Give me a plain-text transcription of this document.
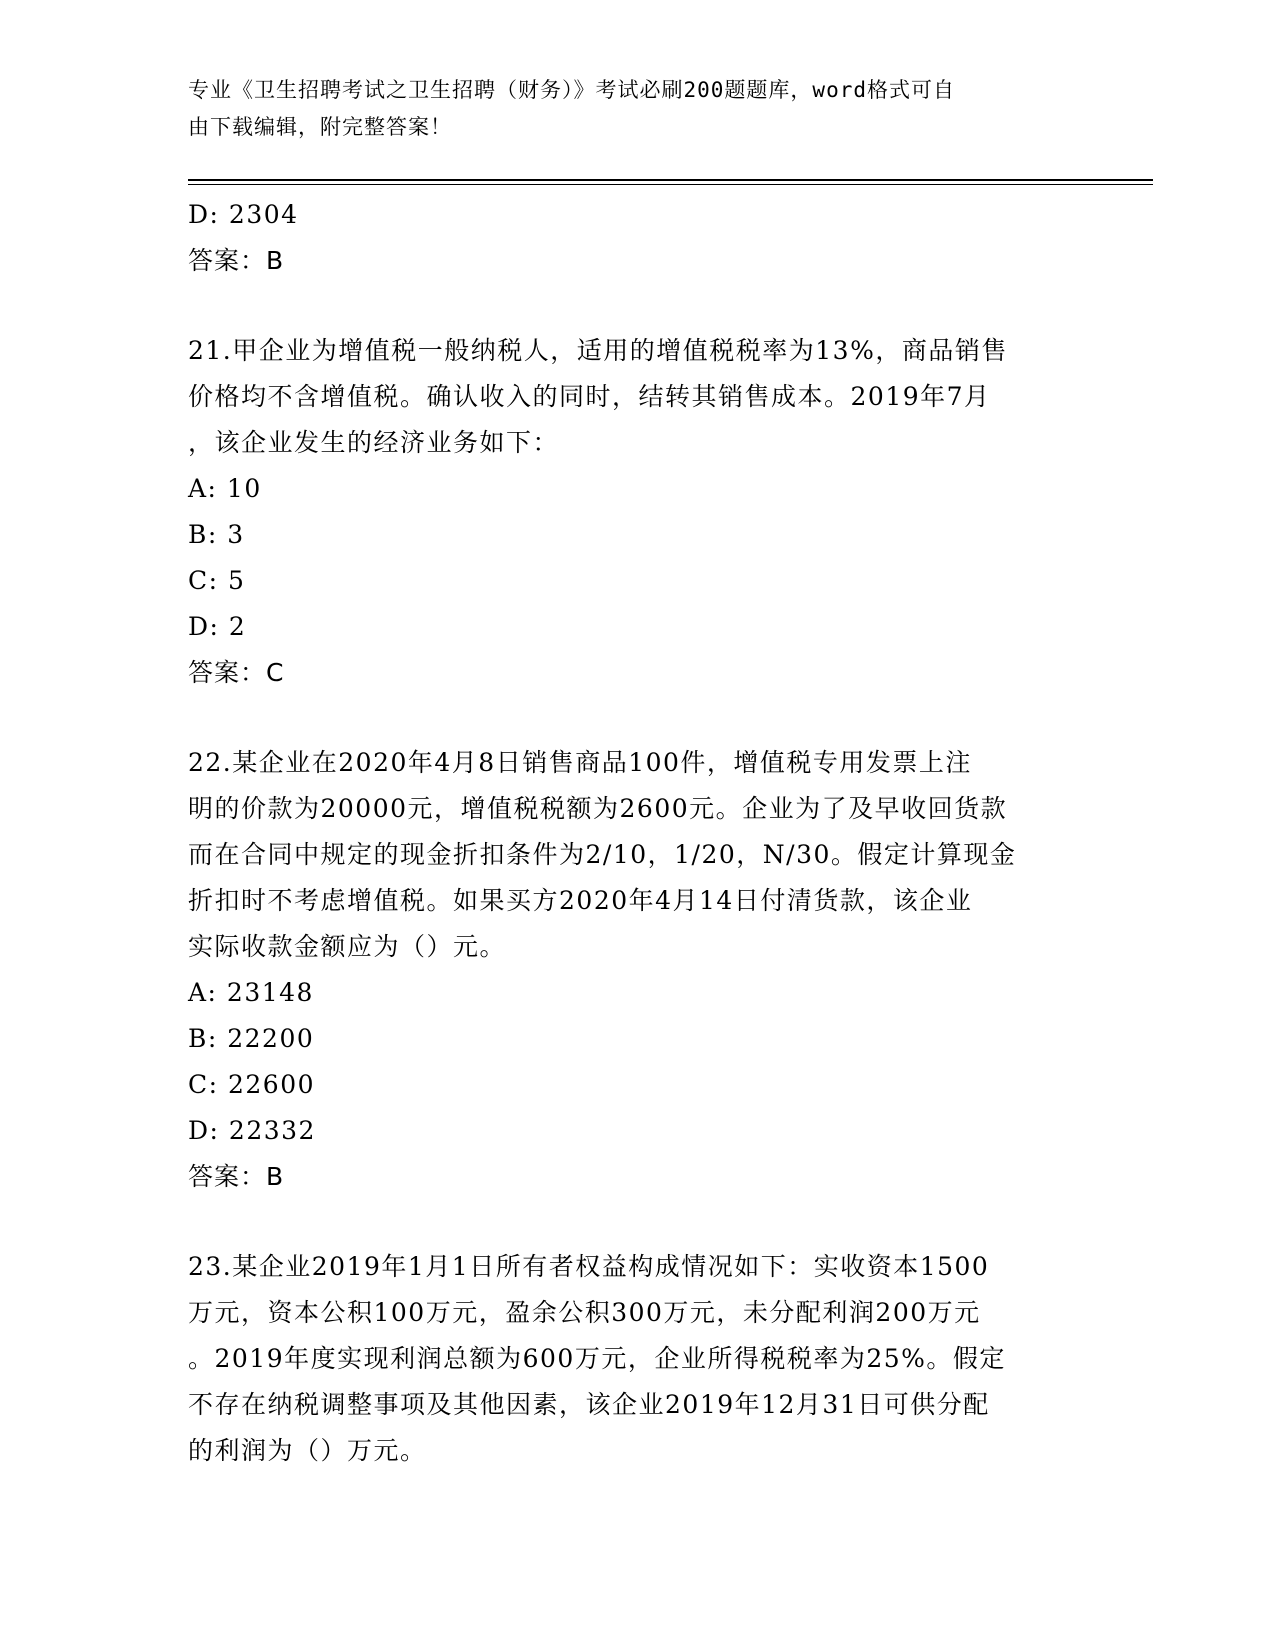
专业《卫生招聘考试之卫生招聘（财务）》考试必刷200题题库，word格式可自
由下载编辑，附完整答案！
D: 2304
答案：B
21.甲企业为增值税一般纳税人，适用的增值税税率为13%，商品销售
价格均不含增值税。确认收入的同时，结转其销售成本。2019年7月
，该企业发生的经济业务如下：
A: 10
B: 3
C: 5
D: 2
答案：C
22.某企业在2020年4月8日销售商品100件，增值税专用发票上注
明的价款为20000元，增值税税额为2600元。企业为了及早收回货款
而在合同中规定的现金折扣条件为2/10，1/20，N/30。假定计算现金
折扣时不考虑增值税。如果买方2020年4月14日付清货款，该企业
实际收款金额应为（）元。
A: 23148
B: 22200
C: 22600
D: 22332
答案：B
23.某企业2019年1月1日所有者权益构成情况如下：实收资本1500
万元，资本公积100万元，盈余公积300万元，未分配利润200万元
。2019年度实现利润总额为600万元，企业所得税税率为25%。假定
不存在纳税调整事项及其他因素，该企业2019年12月31日可供分配
的利润为（）万元。
